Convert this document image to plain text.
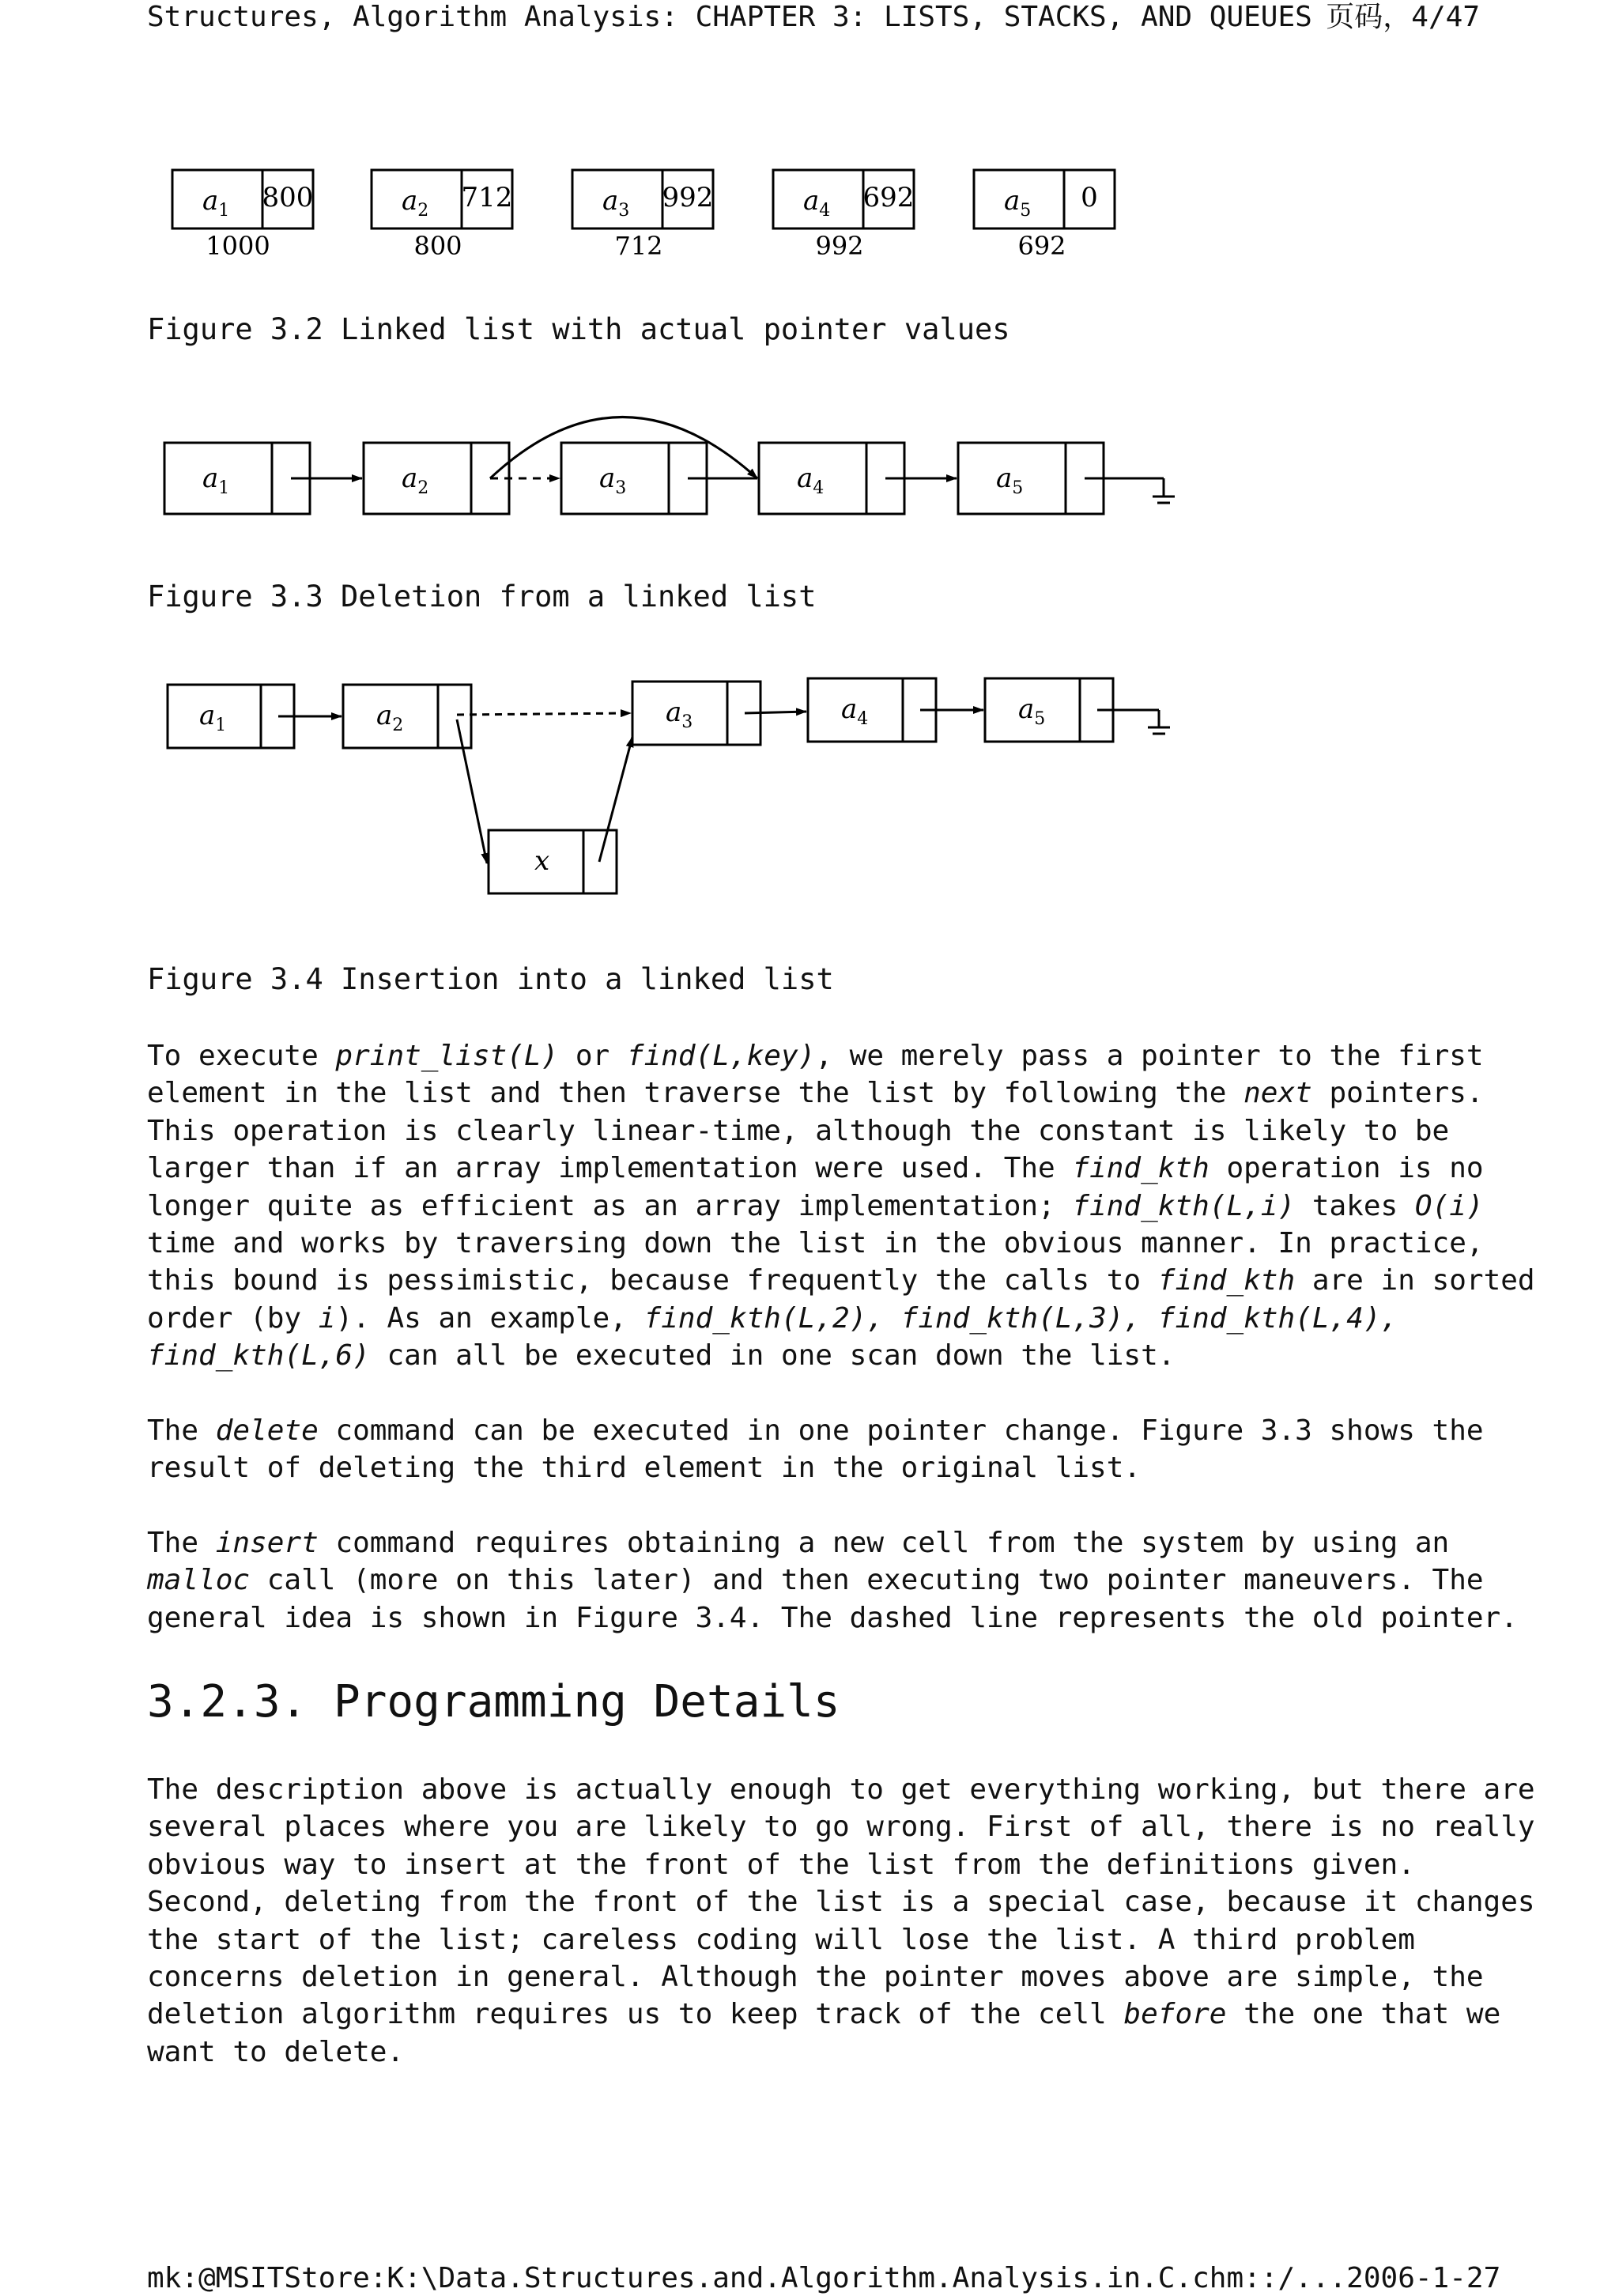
Structures, Algorithm Analysis: CHAPTER 3: LISTS, STACKS, AND QUEUES 页码，4/47
$a_1$ 800
1000
$a_2$ 712
800
$a_3$ 992
712
$a_4$ 692
992
$a_5$ 0
692
Figure 3.2 Linked list with actual pointer values
$a_1$	$a_2$	$a_3$	$a_4$	$a_5$
Figure 3.3 Deletion from a linked list
$a_1$	$a_2$	$a_3$	$a_4$	$a_5$
x
Figure 3.4 Insertion into a linked list
To execute print_list(L) or find(L,key), we merely pass a pointer to the first
element in the list and then traverse the list by following the next pointers.
This operation is clearly linear-time, although the constant is likely to be
larger than if an array implementation were used. The find_kth operation is no
longer quite as efficient as an array implementation; find_kth(L,i) takes O(i)
time and works by traversing down the list in the obvious manner. In practice,
this bound is pessimistic, because frequently the calls to find_kth are in sorted
order (by i). As an example, find_kth(L,2), find_kth(L,3), find_kth(L,4),
find_kth(L,6) can all be executed in one scan down the list.
The delete command can be executed in one pointer change. Figure 3.3 shows the
result of deleting the third element in the original list.
The insert command requires obtaining a new cell from the system by using an
malloc call (more on this later) and then executing two pointer maneuvers. The
general idea is shown in Figure 3.4. The dashed line represents the old pointer.
3.2.3. Programming Details
The description above is actually enough to get everything working, but there are
several places where you are likely to go wrong. First of all, there is no really
obvious way to insert at the front of the list from the definitions given.
Second, deleting from the front of the list is a special case, because it changes
the start of the list; careless coding will lose the list. A third problem
concerns deletion in general. Although the pointer moves above are simple, the
deletion algorithm requires us to keep track of the cell before the one that we
want to delete.
mk:@MSITStore:K:\Data.Structures.and.Algorithm.Analysis.in.C.chm::/... 2006-1-27
